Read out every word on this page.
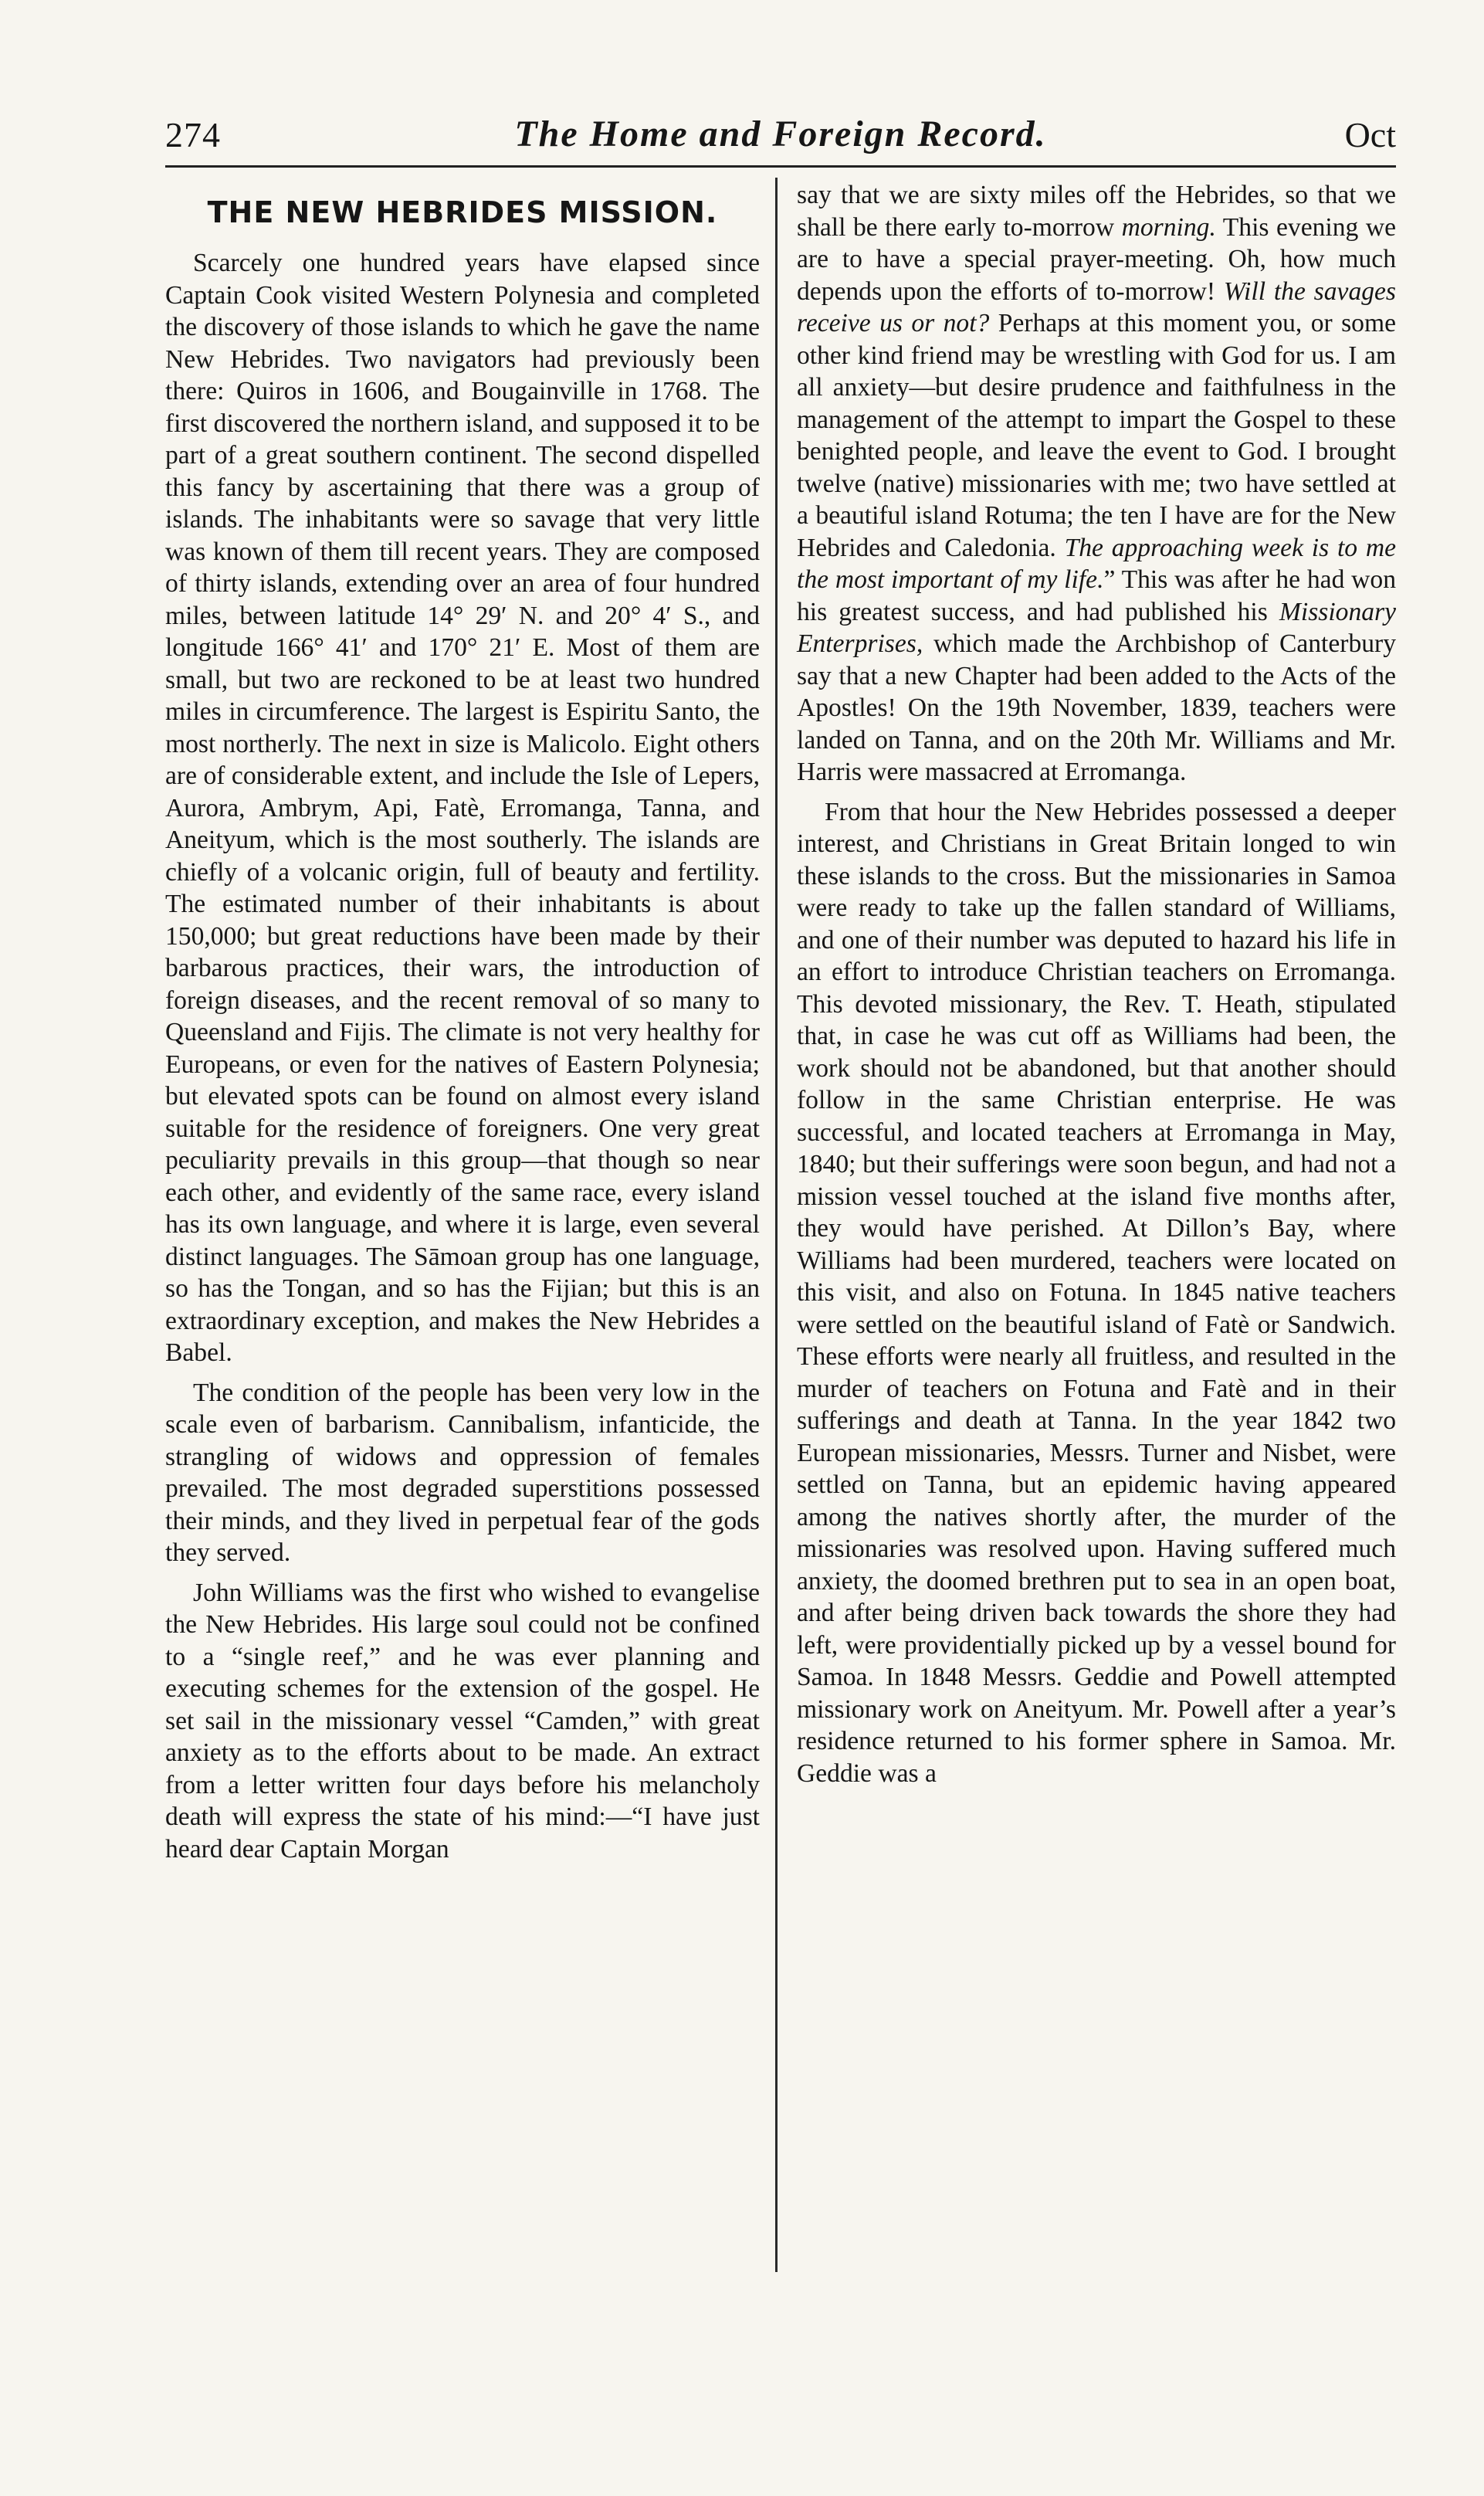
274	The Home and Foreign Record.	Oct
THE NEW HEBRIDES MISSION.

Scarcely one hundred years have elapsed since Captain Cook visited Western Polynesia and completed the discovery of those islands to which he gave the name New Hebrides. Two navigators had previously been there: Quiros in 1606, and Bougainville in 1768. The first discovered the northern island, and supposed it to be part of a great southern continent. The second dispelled this fancy by ascertaining that there was a group of islands. The inhabitants were so savage that very little was known of them till recent years. They are composed of thirty islands, extending over an area of four hundred miles, between latitude 14° 29′ N. and 20° 4′ S., and longitude 166° 41′ and 170° 21′ E. Most of them are small, but two are reckoned to be at least two hundred miles in circumference. The largest is Espiritu Santo, the most northerly. The next in size is Malicolo. Eight others are of considerable extent, and include the Isle of Lepers, Aurora, Ambrym, Api, Fatè, Erromanga, Tanna, and Aneityum, which is the most southerly. The islands are chiefly of a volcanic origin, full of beauty and fertility. The estimated number of their inhabitants is about 150,000; but great reductions have been made by their barbarous practices, their wars, the introduction of foreign diseases, and the recent removal of so many to Queensland and Fijis. The climate is not very healthy for Europeans, or even for the natives of Eastern Polynesia; but elevated spots can be found on almost every island suitable for the residence of foreigners. One very great peculiarity prevails in this group—that though so near each other, and evidently of the same race, every island has its own language, and where it is large, even several distinct languages. The Sāmoan group has one language, so has the Tongan, and so has the Fijian; but this is an extraordinary exception, and makes the New Hebrides a Babel.

The condition of the people has been very low in the scale even of barbarism. Cannibalism, infanticide, the strangling of widows and oppression of females prevailed. The most degraded superstitions possessed their minds, and they lived in perpetual fear of the gods they served.

John Williams was the first who wished to evangelise the New Hebrides. His large soul could not be confined to a “single reef,” and he was ever planning and executing schemes for the extension of the gospel. He set sail in the missionary vessel “Camden,” with great anxiety as to the efforts about to be made. An extract from a letter written four days before his melancholy death will express the state of his mind:—“I have just heard dear Captain Morgan

say that we are sixty miles off the Hebrides, so that we shall be there early to-morrow morning. This evening we are to have a special prayer-meeting. Oh, how much depends upon the efforts of to-morrow! Will the savages receive us or not? Perhaps at this moment you, or some other kind friend may be wrestling with God for us. I am all anxiety—but desire prudence and faithfulness in the management of the attempt to impart the Gospel to these benighted people, and leave the event to God. I brought twelve (native) missionaries with me; two have settled at a beautiful island Rotuma; the ten I have are for the New Hebrides and Caledonia. The approaching week is to me the most important of my life.” This was after he had won his greatest success, and had published his Missionary Enterprises, which made the Archbishop of Canterbury say that a new Chapter had been added to the Acts of the Apostles! On the 19th November, 1839, teachers were landed on Tanna, and on the 20th Mr. Williams and Mr. Harris were massacred at Erromanga.

From that hour the New Hebrides possessed a deeper interest, and Christians in Great Britain longed to win these islands to the cross. But the missionaries in Samoa were ready to take up the fallen standard of Williams, and one of their number was deputed to hazard his life in an effort to introduce Christian teachers on Erromanga. This devoted missionary, the Rev. T. Heath, stipulated that, in case he was cut off as Williams had been, the work should not be abandoned, but that another should follow in the same Christian enterprise. He was successful, and located teachers at Erromanga in May, 1840; but their sufferings were soon begun, and had not a mission vessel touched at the island five months after, they would have perished. At Dillon’s Bay, where Williams had been murdered, teachers were located on this visit, and also on Fotuna. In 1845 native teachers were settled on the beautiful island of Fatè or Sandwich. These efforts were nearly all fruitless, and resulted in the murder of teachers on Fotuna and Fatè and in their sufferings and death at Tanna. In the year 1842 two European missionaries, Messrs. Turner and Nisbet, were settled on Tanna, but an epidemic having appeared among the natives shortly after, the murder of the missionaries was resolved upon. Having suffered much anxiety, the doomed brethren put to sea in an open boat, and after being driven back towards the shore they had left, were providentially picked up by a vessel bound for Samoa. In 1848 Messrs. Geddie and Powell attempted missionary work on Aneityum. Mr. Powell after a year’s residence returned to his former sphere in Samoa. Mr. Geddie was a
